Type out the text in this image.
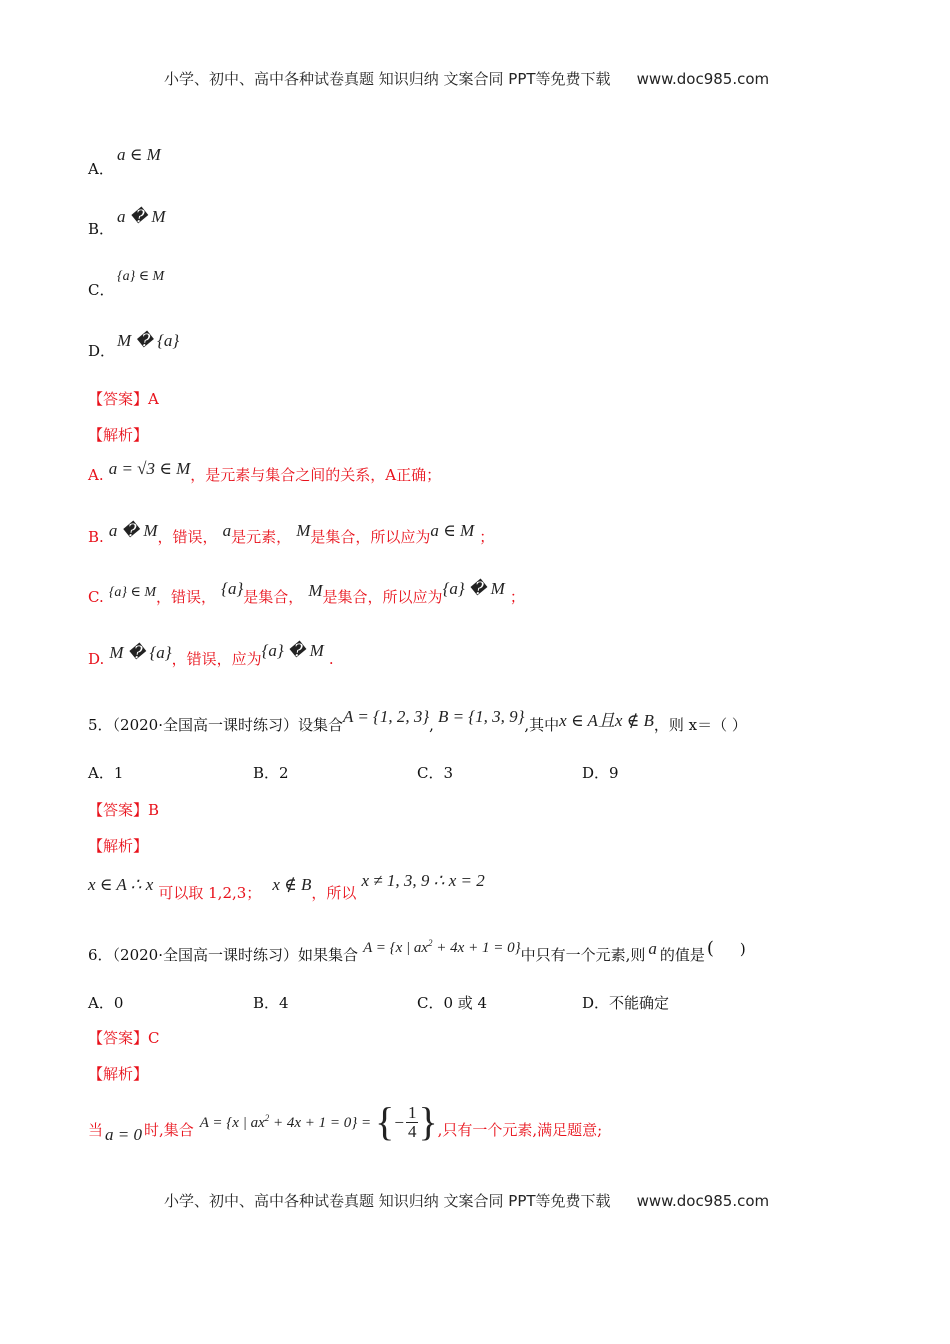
小学、初中、高中各种试卷真题 知识归纳 文案合同 PPT等免费下载 www.doc985.com
A．
a ∈ M
B．
a � M
C．
{a} ∈ M
D．
M � {a}
【答案】A
【解析】
A. a = √3 ∈ M，是元素与集合之间的关系，A正确；
B. a � M，错误， a是元素， M是集合，所以应为a ∈ M ；
C. {a} ∈ M，错误， {a}是集合， M是集合，所以应为{a} � M ；
D. M � {a}，错误，应为{a} � M .
5．（2020·全国高一课时练习）设集合A = {1, 2, 3}, B = {1, 3, 9},其中x ∈ A且x ∉ B，则 x＝（ ）
A．1	B．2	C．3	D．9
【答案】B
【解析】
x ∈ A ∴ x 可以取 1,2,3； x ∉ B，所以 x ≠ 1, 3, 9 ∴ x = 2
6．（2020·全国高一课时练习）如果集合 A = {x | $ax^2 + 4x + 1 = 0$}中只有一个元素,则 a 的值是 ( )
A．0	B．4	C．0 或 4	D．不能确定
【答案】C
【解析】
当 a = 0 时,集合 A = {x | $ax^2 + 4x + 1 = 0$} = { − $\frac{1}{4}$ } ,只有一个元素,满足题意;
小学、初中、高中各种试卷真题 知识归纳 文案合同 PPT等免费下载 www.doc985.com
